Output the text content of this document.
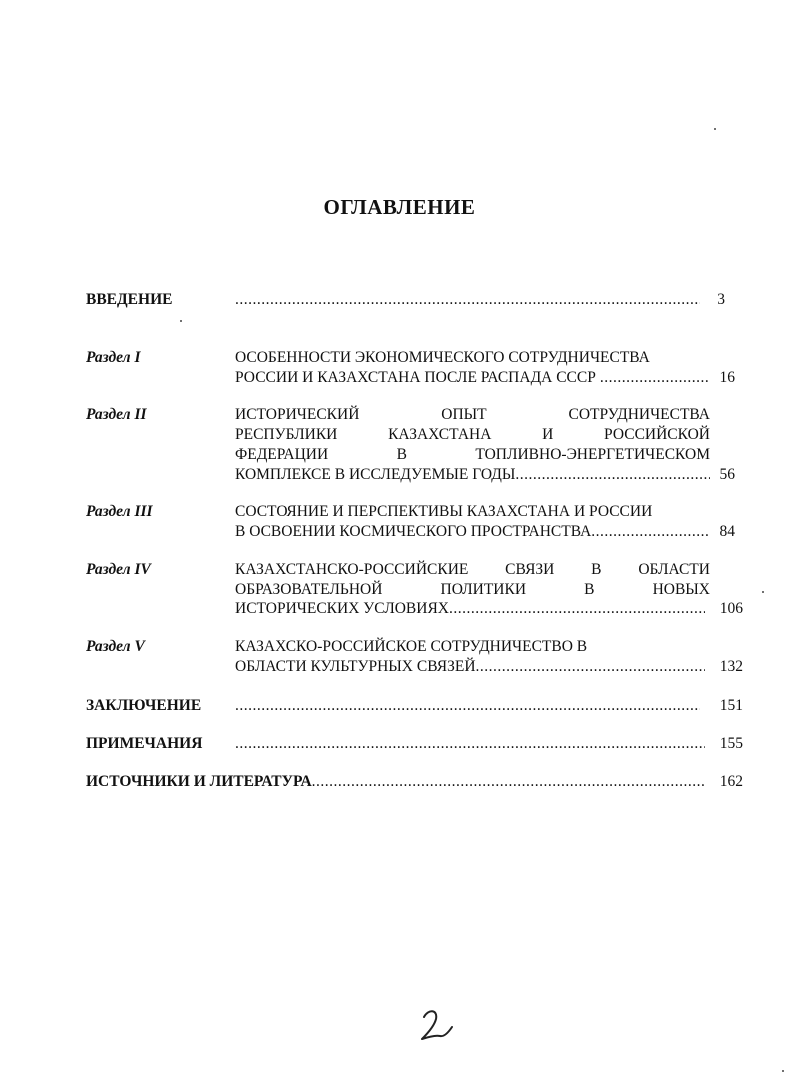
ОГЛАВЛЕНИЕ
ВВЕДЕНИЕ .....	3
Раздел I	ОСОБЕННОСТИ ЭКОНОМИЧЕСКОГО СОТРУДНИЧЕСТВА
РОССИИ И КАЗАХСТАНА ПОСЛЕ РАСПАДА СССР .....	16
Раздел II	ИСТОРИЧЕСКИЙ	ОПЫТ	СОТРУДНИЧЕСТВА
РЕСПУБЛИКИ	КАЗАХСТАНА	И	РОССИЙСКОЙ
ФЕДЕРАЦИИ	В	ТОПЛИВНО-ЭНЕРГЕТИЧЕСКОМ
КОМПЛЕКСЕ В ИССЛЕДУЕМЫЕ ГОДЫ .....	56
Раздел III	СОСТОЯНИЕ И ПЕРСПЕКТИВЫ КАЗАХСТАНА И РОССИИ
В ОСВОЕНИИ КОСМИЧЕСКОГО ПРОСТРАНСТВА .....	84
Раздел IV	КАЗАХСТАНСКО-РОССИЙСКИЕ СВЯЗИ В ОБЛАСТИ
ОБРАЗОВАТЕЛЬНОЙ	ПОЛИТИКИ	В	НОВЫХ
ИСТОРИЧЕСКИХ УСЛОВИЯХ .....	106
Раздел V	КАЗАХСКО-РОССИЙСКОЕ СОТРУДНИЧЕСТВО В
ОБЛАСТИ КУЛЬТУРНЫХ СВЯЗЕЙ .....	132
ЗАКЛЮЧЕНИЕ .....	151
ПРИМЕЧАНИЯ .....	155
ИСТОЧНИКИ И ЛИТЕРАТУРА .....	162
